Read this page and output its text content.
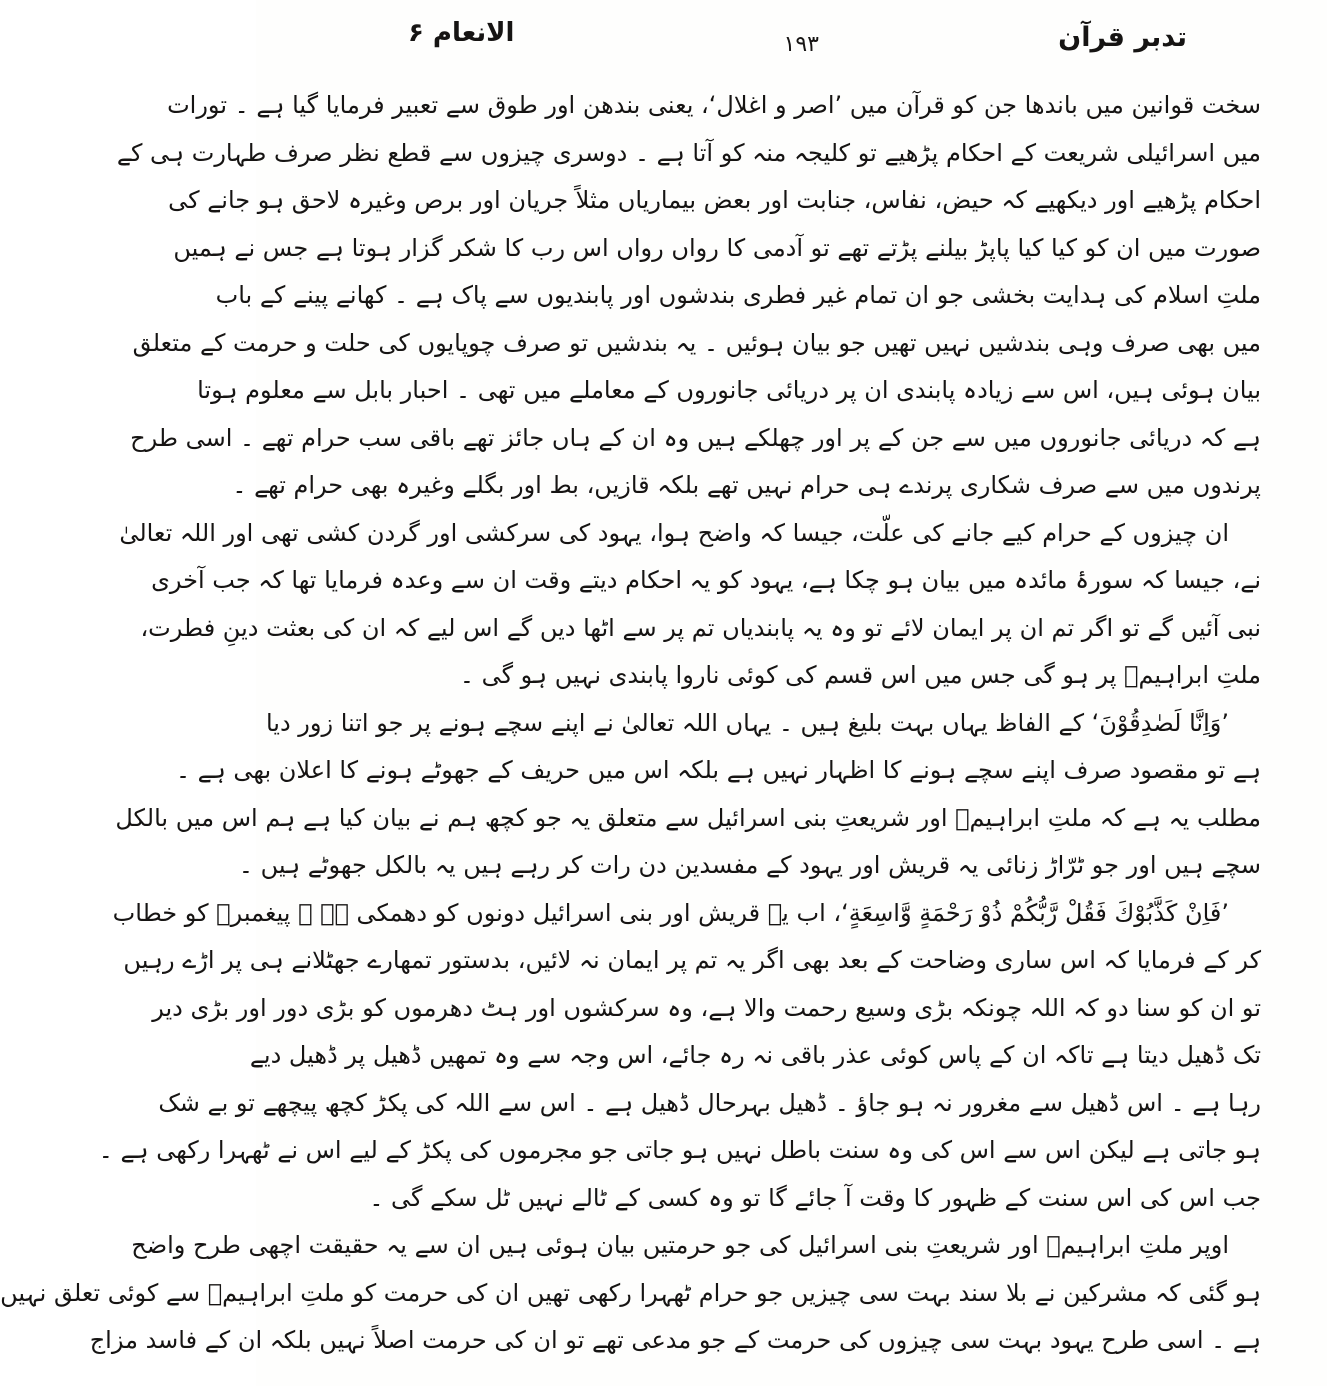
تدبر قرآن
١٩٣
الانعام ۶
سخت قوانین میں باندھا جن کو قرآن میں ’اصر و اغلال‘، یعنی بندھن اور طوق سے تعبیر فرمایا گیا ہے ۔ تورات
میں اسرائیلی شریعت کے احکام پڑھیے تو کلیجہ منہ کو آتا ہے ۔ دوسری چیزوں سے قطع نظر صرف طہارت ہی کے
احکام پڑھیے اور دیکھیے کہ حیض، نفاس، جنابت اور بعض بیماریاں مثلاً جریان اور برص وغیرہ لاحق ہو جانے کی
صورت میں ان کو کیا کیا پاپڑ بیلنے پڑتے تھے تو آدمی کا رواں رواں اس رب کا شکر گزار ہوتا ہے جس نے ہمیں
ملتِ اسلام کی ہدایت بخشی جو ان تمام غیر فطری بندشوں اور پابندیوں سے پاک ہے ۔ کھانے پینے کے باب
میں بھی صرف وہی بندشیں نہیں تھیں جو بیان ہوئیں ۔ یہ بندشیں تو صرف چوپایوں کی حلت و حرمت کے متعلق
بیان ہوئی ہیں، اس سے زیادہ پابندی ان پر دریائی جانوروں کے معاملے میں تھی ۔ احبار بابل سے معلوم ہوتا
ہے کہ دریائی جانوروں میں سے جن کے پر اور چھلکے ہیں وہ ان کے ہاں جائز تھے باقی سب حرام تھے ۔ اسی طرح
پرندوں میں سے صرف شکاری پرندے ہی حرام نہیں تھے بلکہ قازیں، بط اور بگلے وغیرہ بھی حرام تھے ۔
ان چیزوں کے حرام کیے جانے کی علّت، جیسا کہ واضح ہوا، یہود کی سرکشی اور گردن کشی تھی اور اللہ تعالیٰ
نے، جیسا کہ سورۂ مائدہ میں بیان ہو چکا ہے، یہود کو یہ احکام دیتے وقت ان سے وعدہ فرمایا تھا کہ جب آخری
نبی آئیں گے تو اگر تم ان پر ایمان لائے تو وہ یہ پابندیاں تم پر سے اٹھا دیں گے اس لیے کہ ان کی بعثت دینِ فطرت،
ملتِ ابراہیمؑ پر ہو گی جس میں اس قسم کی کوئی ناروا پابندی نہیں ہو گی ۔
’وَاِنَّا لَصٰدِقُوْنَ‘ کے الفاظ یہاں بہت بلیغ ہیں ۔ یہاں اللہ تعالیٰ نے اپنے سچے ہونے پر جو اتنا زور دیا
ہے تو مقصود صرف اپنے سچے ہونے کا اظہار نہیں ہے بلکہ اس میں حریف کے جھوٹے ہونے کا اعلان بھی ہے ۔
مطلب یہ ہے کہ ملتِ ابراہیمؑ اور شریعتِ بنی اسرائیل سے متعلق یہ جو کچھ ہم نے بیان کیا ہے ہم اس میں بالکل
سچے ہیں اور جو ٹرّاڑ زنائی یہ قریش اور یہود کے مفسدین دن رات کر رہے ہیں یہ بالکل جھوٹے ہیں ۔
’فَاِنْ كَذَّبُوْكَ فَقُلْ رَّبُّكُمْ ذُوْ رَحْمَةٍ وَّاسِعَةٍ‘، اب یہ قریش اور بنی اسرائیل دونوں کو دھمکی ہے ۔ پیغمبرؐ کو خطاب
کر کے فرمایا کہ اس ساری وضاحت کے بعد بھی اگر یہ تم پر ایمان نہ لائیں، بدستور تمھارے جھٹلانے ہی پر اڑے رہیں
تو ان کو سنا دو کہ اللہ چونکہ بڑی وسیع رحمت والا ہے، وہ سرکشوں اور ہٹ دھرموں کو بڑی دور اور بڑی دیر
تک ڈھیل دیتا ہے تاکہ ان کے پاس کوئی عذر باقی نہ رہ جائے، اس وجہ سے وہ تمھیں ڈھیل پر ڈھیل دیے
رہا ہے ۔ اس ڈھیل سے مغرور نہ ہو جاؤ ۔ ڈھیل بہرحال ڈھیل ہے ۔ اس سے اللہ کی پکڑ کچھ پیچھے تو بے شک
ہو جاتی ہے لیکن اس سے اس کی وہ سنت باطل نہیں ہو جاتی جو مجرموں کی پکڑ کے لیے اس نے ٹھہرا رکھی ہے ۔
جب اس کی اس سنت کے ظہور کا وقت آ جائے گا تو وہ کسی کے ٹالے نہیں ٹل سکے گی ۔
اوپر ملتِ ابراہیمؑ اور شریعتِ بنی اسرائیل کی جو حرمتیں بیان ہوئی ہیں ان سے یہ حقیقت اچھی طرح واضح
ہو گئی کہ مشرکین نے بلا سند بہت سی چیزیں جو حرام ٹھہرا رکھی تھیں ان کی حرمت کو ملتِ ابراہیمؑ سے کوئی تعلق نہیں
ہے ۔ اسی طرح یہود بہت سی چیزوں کی حرمت کے جو مدعی تھے تو ان کی حرمت اصلاً نہیں بلکہ ان کے فاسد مزاج
